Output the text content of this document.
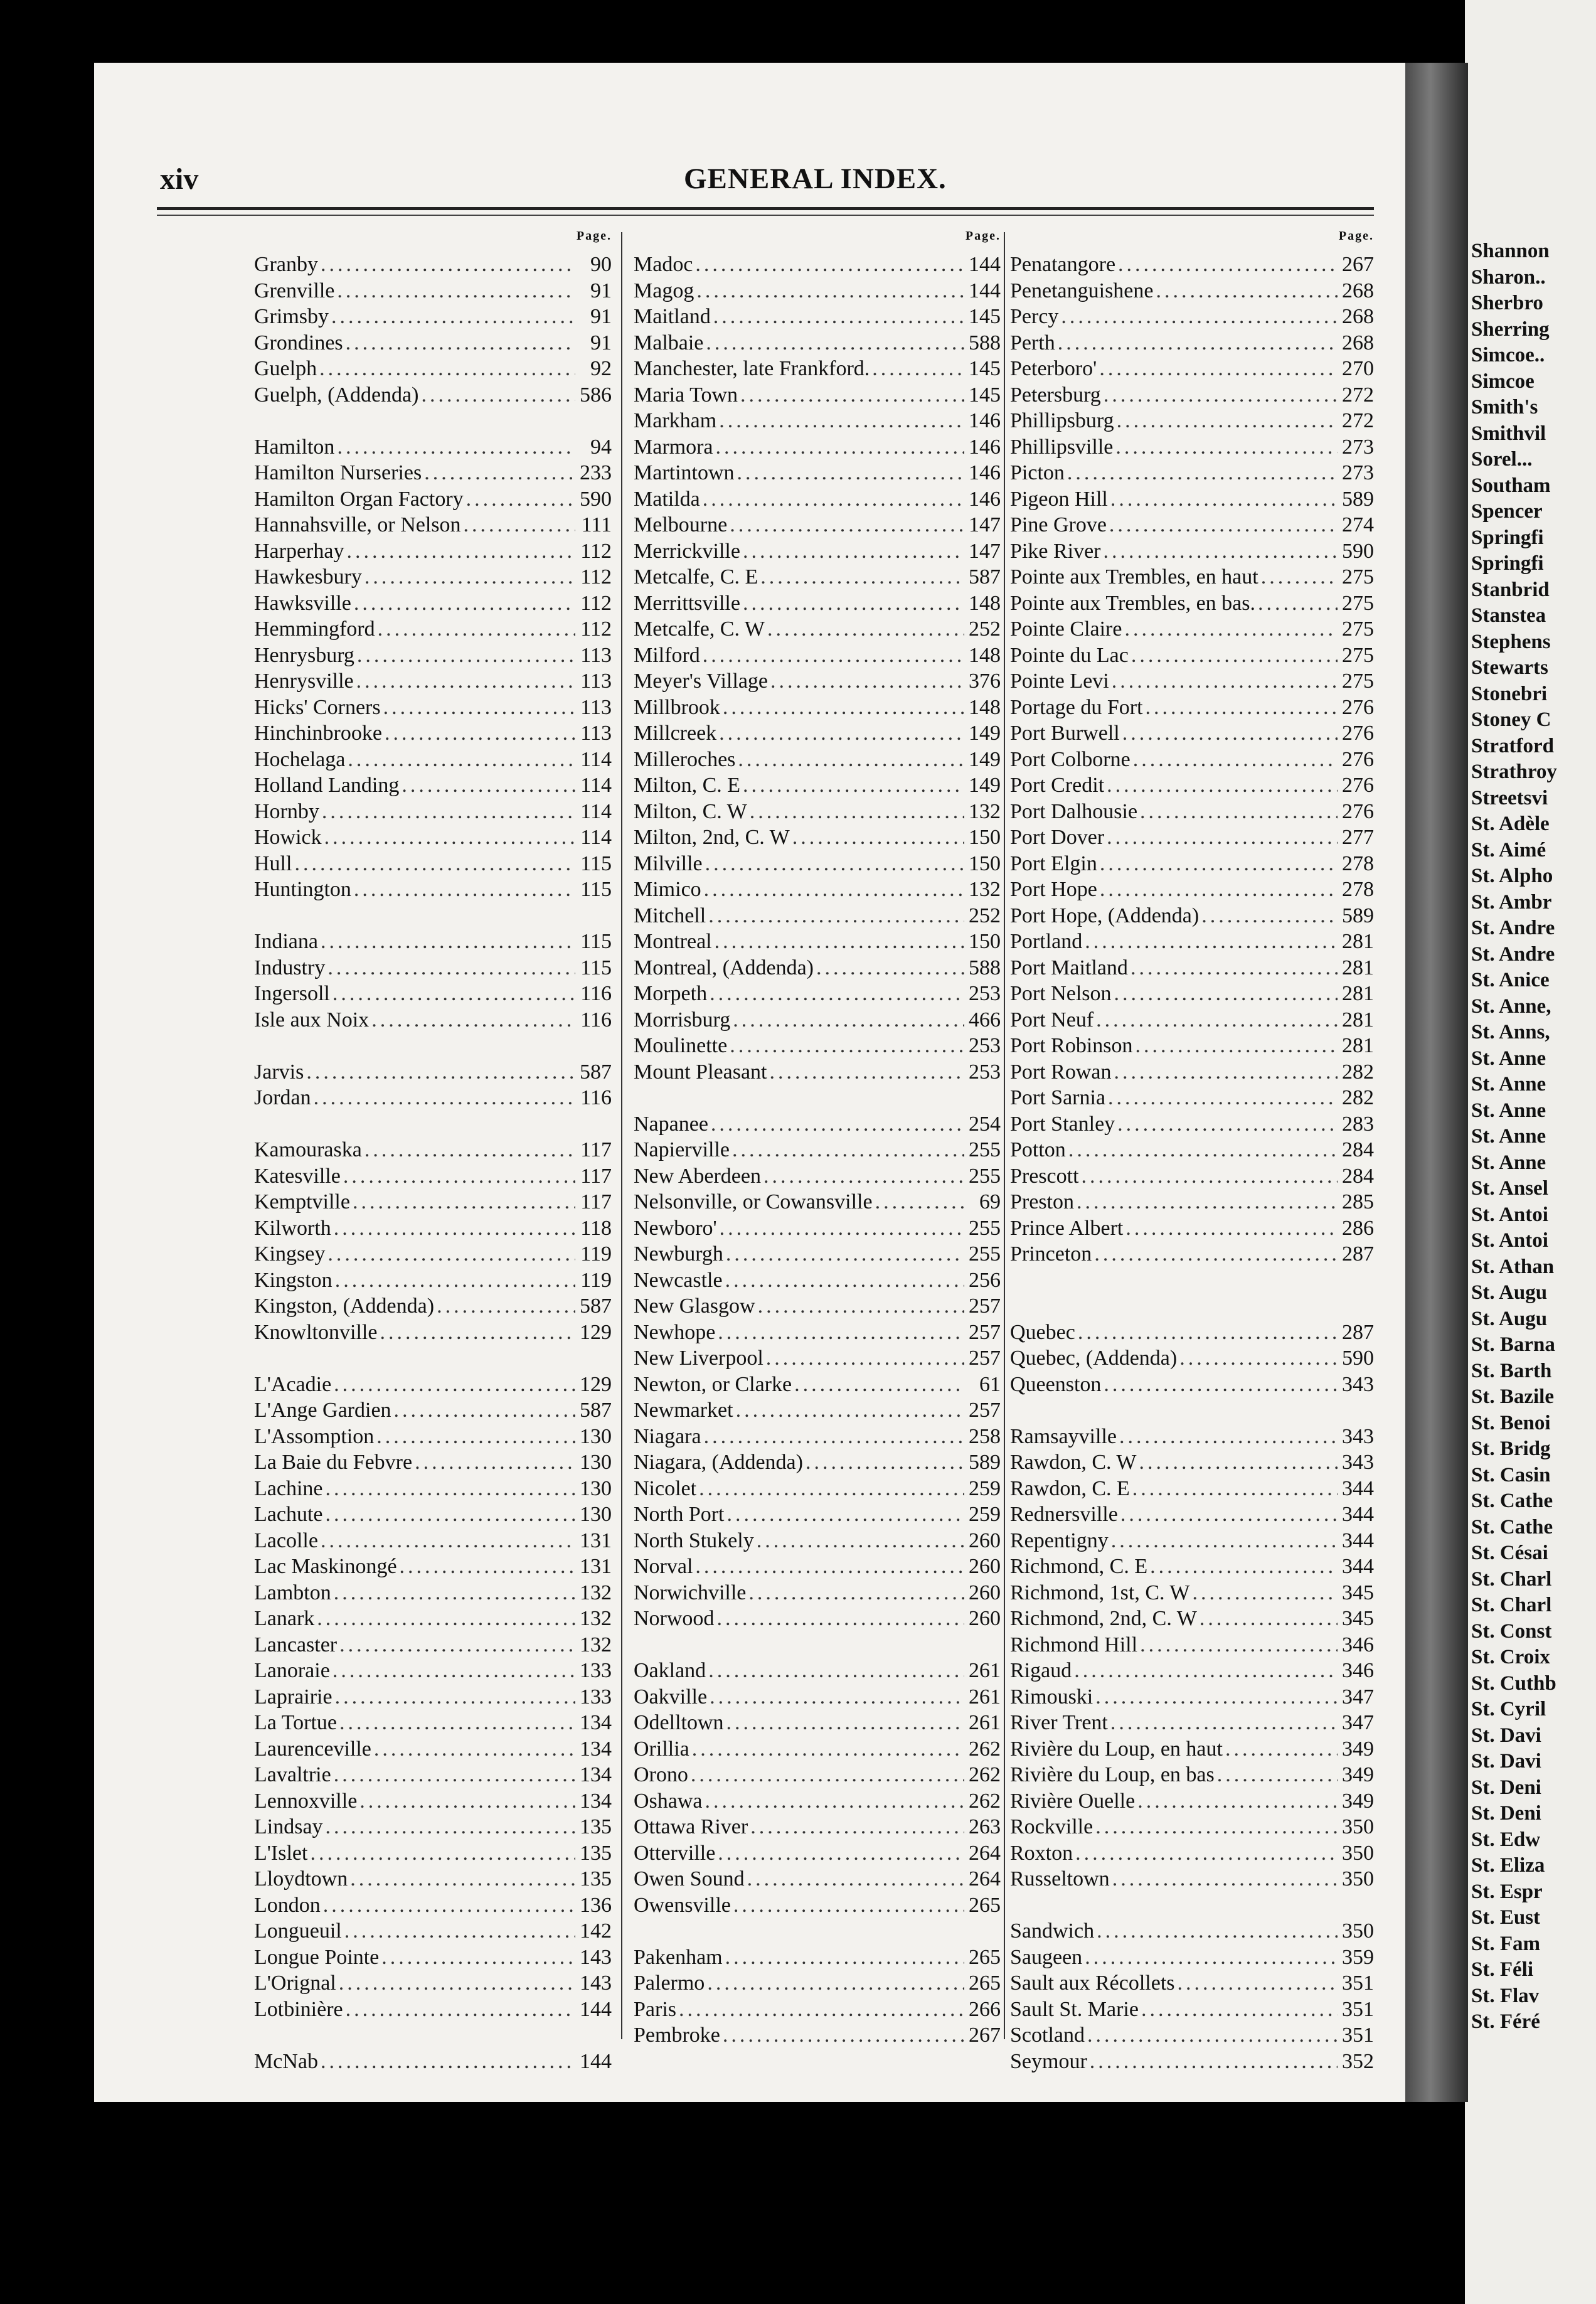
xiv	GENERAL INDEX.
Page.
Granby .....	90
Grenville .....	91
Grimsby .....	91
Grondines .....	91
Guelph .....	92
Guelph, (Addenda) .....	586
Hamilton .....	94
Hamilton Nurseries .....	233
Hamilton Organ Factory .....	590
Hannahsville, or Nelson .....	111
Harperhay .....	112
Hawkesbury .....	112
Hawksville .....	112
Hemmingford .....	112
Henrysburg .....	113
Henrysville .....	113
Hicks' Corners .....	113
Hinchinbrooke .....	113
Hochelaga .....	114
Holland Landing .....	114
Hornby .....	114
Howick .....	114
Hull .....	115
Huntington .....	115
Indiana .....	115
Industry .....	115
Ingersoll .....	116
Isle aux Noix .....	116
Jarvis .....	587
Jordan .....	116
Kamouraska .....	117
Katesville .....	117
Kemptville .....	117
Kilworth .....	118
Kingsey .....	119
Kingston .....	119
Kingston, (Addenda) .....	587
Knowltonville .....	129
L'Acadie .....	129
L'Ange Gardien .....	587
L'Assomption .....	130
La Baie du Febvre .....	130
Lachine .....	130
Lachute .....	130
Lacolle .....	131
Lac Maskinongé .....	131
Lambton .....	132
Lanark .....	132
Lancaster .....	132
Lanoraie .....	133
Laprairie .....	133
La Tortue .....	134
Laurenceville .....	134
Lavaltrie .....	134
Lennoxville .....	134
Lindsay .....	135
L'Islet .....	135
Lloydtown .....	135
London .....	136
Longueuil .....	142
Longue Pointe .....	143
L'Orignal .....	143
Lotbinière .....	144
McNab .....	144
Page.
Madoc .....	144
Magog .....	144
Maitland .....	145
Malbaie .....	588
Manchester, late Frankford. .....	145
Maria Town .....	145
Markham .....	146
Marmora .....	146
Martintown .....	146
Matilda .....	146
Melbourne .....	147
Merrickville .....	147
Metcalfe, C. E .....	587
Merrittsville .....	148
Metcalfe, C. W .....	252
Milford .....	148
Meyer's Village .....	376
Millbrook .....	148
Millcreek .....	149
Milleroches .....	149
Milton, C. E .....	149
Milton, C. W .....	132
Milton, 2nd, C. W .....	150
Milville .....	150
Mimico .....	132
Mitchell .....	252
Montreal .....	150
Montreal, (Addenda) .....	588
Morpeth .....	253
Morrisburg .....	466
Moulinette .....	253
Mount Pleasant .....	253
Napanee .....	254
Napierville .....	255
New Aberdeen .....	255
Nelsonville, or Cowansville .....	69
Newboro' .....	255
Newburgh .....	255
Newcastle .....	256
New Glasgow .....	257
Newhope .....	257
New Liverpool .....	257
Newton, or Clarke .....	61
Newmarket .....	257
Niagara .....	258
Niagara, (Addenda) .....	589
Nicolet .....	259
North Port .....	259
North Stukely .....	260
Norval .....	260
Norwichville .....	260
Norwood .....	260
Oakland .....	261
Oakville .....	261
Odelltown .....	261
Orillia .....	262
Orono .....	262
Oshawa .....	262
Ottawa River .....	263
Otterville .....	264
Owen Sound .....	264
Owensville .....	265
Pakenham .....	265
Palermo .....	265
Paris .....	266
Pembroke .....	267
Page.
Penatangore .....	267
Penetanguishene .....	268
Percy .....	268
Perth .....	268
Peterboro' .....	270
Petersburg .....	272
Phillipsburg .....	272
Phillipsville .....	273
Picton .....	273
Pigeon Hill .....	589
Pine Grove .....	274
Pike River .....	590
Pointe aux Trembles, en haut .....	275
Pointe aux Trembles, en bas. .....	275
Pointe Claire .....	275
Pointe du Lac .....	275
Pointe Levi .....	275
Portage du Fort .....	276
Port Burwell .....	276
Port Colborne .....	276
Port Credit .....	276
Port Dalhousie .....	276
Port Dover .....	277
Port Elgin .....	278
Port Hope .....	278
Port Hope, (Addenda) .....	589
Portland .....	281
Port Maitland .....	281
Port Nelson .....	281
Port Neuf .....	281
Port Robinson .....	281
Port Rowan .....	282
Port Sarnia .....	282
Port Stanley .....	283
Potton .....	284
Prescott .....	284
Preston .....	285
Prince Albert .....	286
Princeton .....	287
Quebec .....	287
Quebec, (Addenda) .....	590
Queenston .....	343
Ramsayville .....	343
Rawdon, C. W .....	343
Rawdon, C. E .....	344
Rednersville .....	344
Repentigny .....	344
Richmond, C. E .....	344
Richmond, 1st, C. W .....	345
Richmond, 2nd, C. W .....	345
Richmond Hill .....	346
Rigaud .....	346
Rimouski .....	347
River Trent .....	347
Rivière du Loup, en haut .....	349
Rivière du Loup, en bas .....	349
Rivière Ouelle .....	349
Rockville .....	350
Roxton .....	350
Russeltown .....	350
Sandwich .....	350
Saugeen .....	359
Sault aux Récollets .....	351
Sault St. Marie .....	351
Scotland .....	351
Seymour .....	352
Shannon
Sharon..
Sherbro
Sherring
Simcoe..
Simcoe
Smith's
Smithvil
Sorel...
Southam
Spencer
Springfi
Springfi
Stanbrid
Stanstea
Stephens
Stewarts
Stonebri
Stoney C
Stratford
Strathroy
Streetsvi
St. Adèle
St. Aimé
St. Alpho
St. Ambr
St. Andre
St. Andre
St. Anice
St. Anne,
St. Anns,
St. Anne
St. Anne
St. Anne
St. Anne
St. Anne
St. Ansel
St. Antoi
St. Antoi
St. Athan
St. Augu
St. Augu
St. Barna
St. Barth
St. Bazile
St. Benoi
St. Bridg
St. Casin
St. Cathe
St. Cathe
St. Césai
St. Charl
St. Charl
St. Const
St. Croix
St. Cuthb
St. Cyril
St. Davi
St. Davi
St. Deni
St. Deni
St. Edw
St. Eliza
St. Espr
St. Eust
St. Fam
St. Féli
St. Flav
St. Féré
